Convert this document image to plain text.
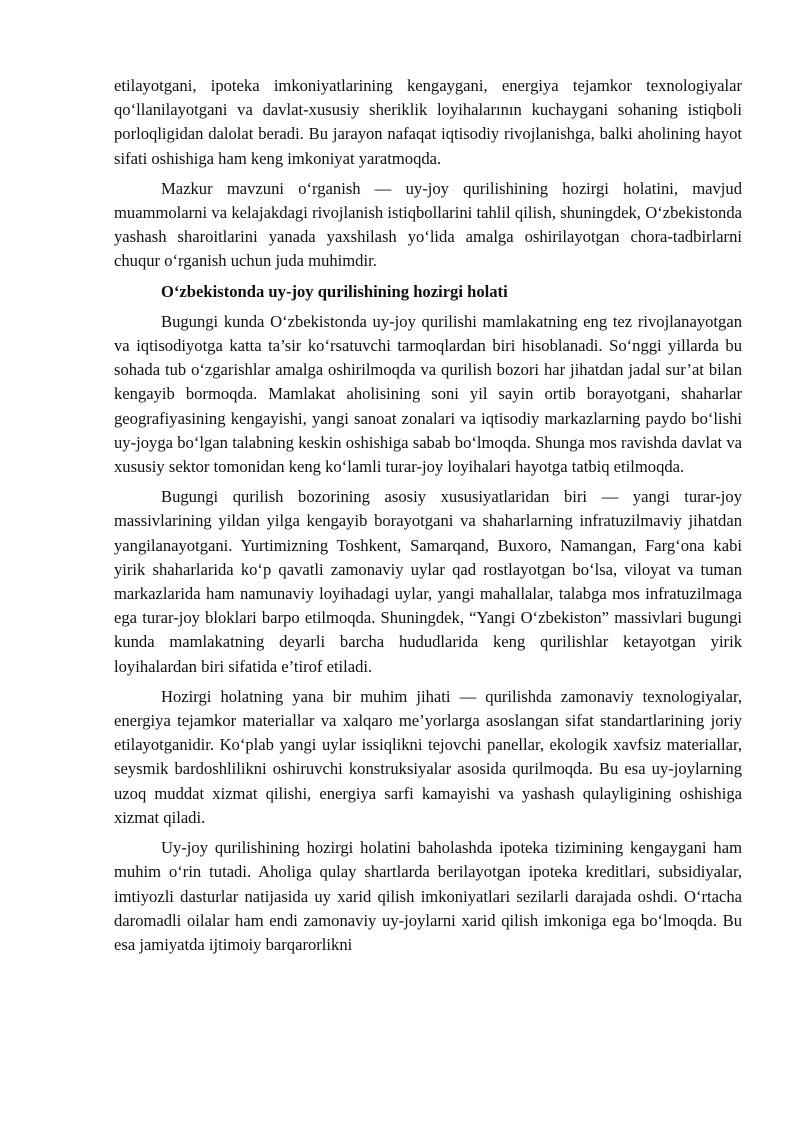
etilayotgani, ipoteka imkoniyatlarining kengaygani, energiya tejamkor texnologiyalar qo‘llanilayotgani va davlat-xususiy sheriklik loyihalarının kuchaygani sohaning istiqboli porloqligidan dalolat beradi. Bu jarayon nafaqat iqtisodiy rivojlanishga, balki aholining hayot sifati oshishiga ham keng imkoniyat yaratmoqda.

Mazkur mavzuni o‘rganish — uy-joy qurilishining hozirgi holatini, mavjud muammolarni va kelajakdagi rivojlanish istiqbollarini tahlil qilish, shuningdek, O‘zbekistonda yashash sharoitlarini yanada yaxshilash yo‘lida amalga oshirilayotgan chora-tadbirlarni chuqur o‘rganish uchun juda muhimdir.

O‘zbekistonda uy-joy qurilishining hozirgi holati

Bugungi kunda O‘zbekistonda uy-joy qurilishi mamlakatning eng tez rivojlanayotgan va iqtisodiyotga katta ta’sir ko‘rsatuvchi tarmoqlardan biri hisoblanadi. So‘nggi yillarda bu sohada tub o‘zgarishlar amalga oshirilmoqda va qurilish bozori har jihatdan jadal sur’at bilan kengayib bormoqda. Mamlakat aholisining soni yil sayin ortib borayotgani, shaharlar geografiyasining kengayishi, yangi sanoat zonalari va iqtisodiy markazlarning paydo bo‘lishi uy-joyga bo‘lgan talabning keskin oshishiga sabab bo‘lmoqda. Shunga mos ravishda davlat va xususiy sektor tomonidan keng ko‘lamli turar-joy loyihalari hayotga tatbiq etilmoqda.

Bugungi qurilish bozorining asosiy xususiyatlaridan biri — yangi turar-joy massivlarining yildan yilga kengayib borayotgani va shaharlarning infratuzilmaviy jihatdan yangilanayotgani. Yurtimizning Toshkent, Samarqand, Buxoro, Namangan, Farg‘ona kabi yirik shaharlarida ko‘p qavatli zamonaviy uylar qad rostlayotgan bo‘lsa, viloyat va tuman markazlarida ham namunaviy loyihadagi uylar, yangi mahallalar, talabga mos infratuzilmaga ega turar-joy bloklari barpo etilmoqda. Shuningdek, “Yangi O‘zbekiston” massivlari bugungi kunda mamlakatning deyarli barcha hududlarida keng qurilishlar ketayotgan yirik loyihalardan biri sifatida e’tirof etiladi.

Hozirgi holatning yana bir muhim jihati — qurilishda zamonaviy texnologiyalar, energiya tejamkor materiallar va xalqaro me’yorlarga asoslangan sifat standartlarining joriy etilayotganidir. Ko‘plab yangi uylar issiqlikni tejovchi panellar, ekologik xavfsiz materiallar, seysmik bardoshlilikni oshiruvchi konstruksiyalar asosida qurilmoqda. Bu esa uy-joylarning uzoq muddat xizmat qilishi, energiya sarfi kamayishi va yashash qulayligining oshishiga xizmat qiladi.

Uy-joy qurilishining hozirgi holatini baholashda ipoteka tizimining kengaygani ham muhim o‘rin tutadi. Aholiga qulay shartlarda berilayotgan ipoteka kreditlari, subsidiyalar, imtiyozli dasturlar natijasida uy xarid qilish imkoniyatlari sezilarli darajada oshdi. O‘rtacha daromadli oilalar ham endi zamonaviy uy-joylarni xarid qilish imkoniga ega bo‘lmoqda. Bu esa jamiyatda ijtimoiy barqarorlikni
